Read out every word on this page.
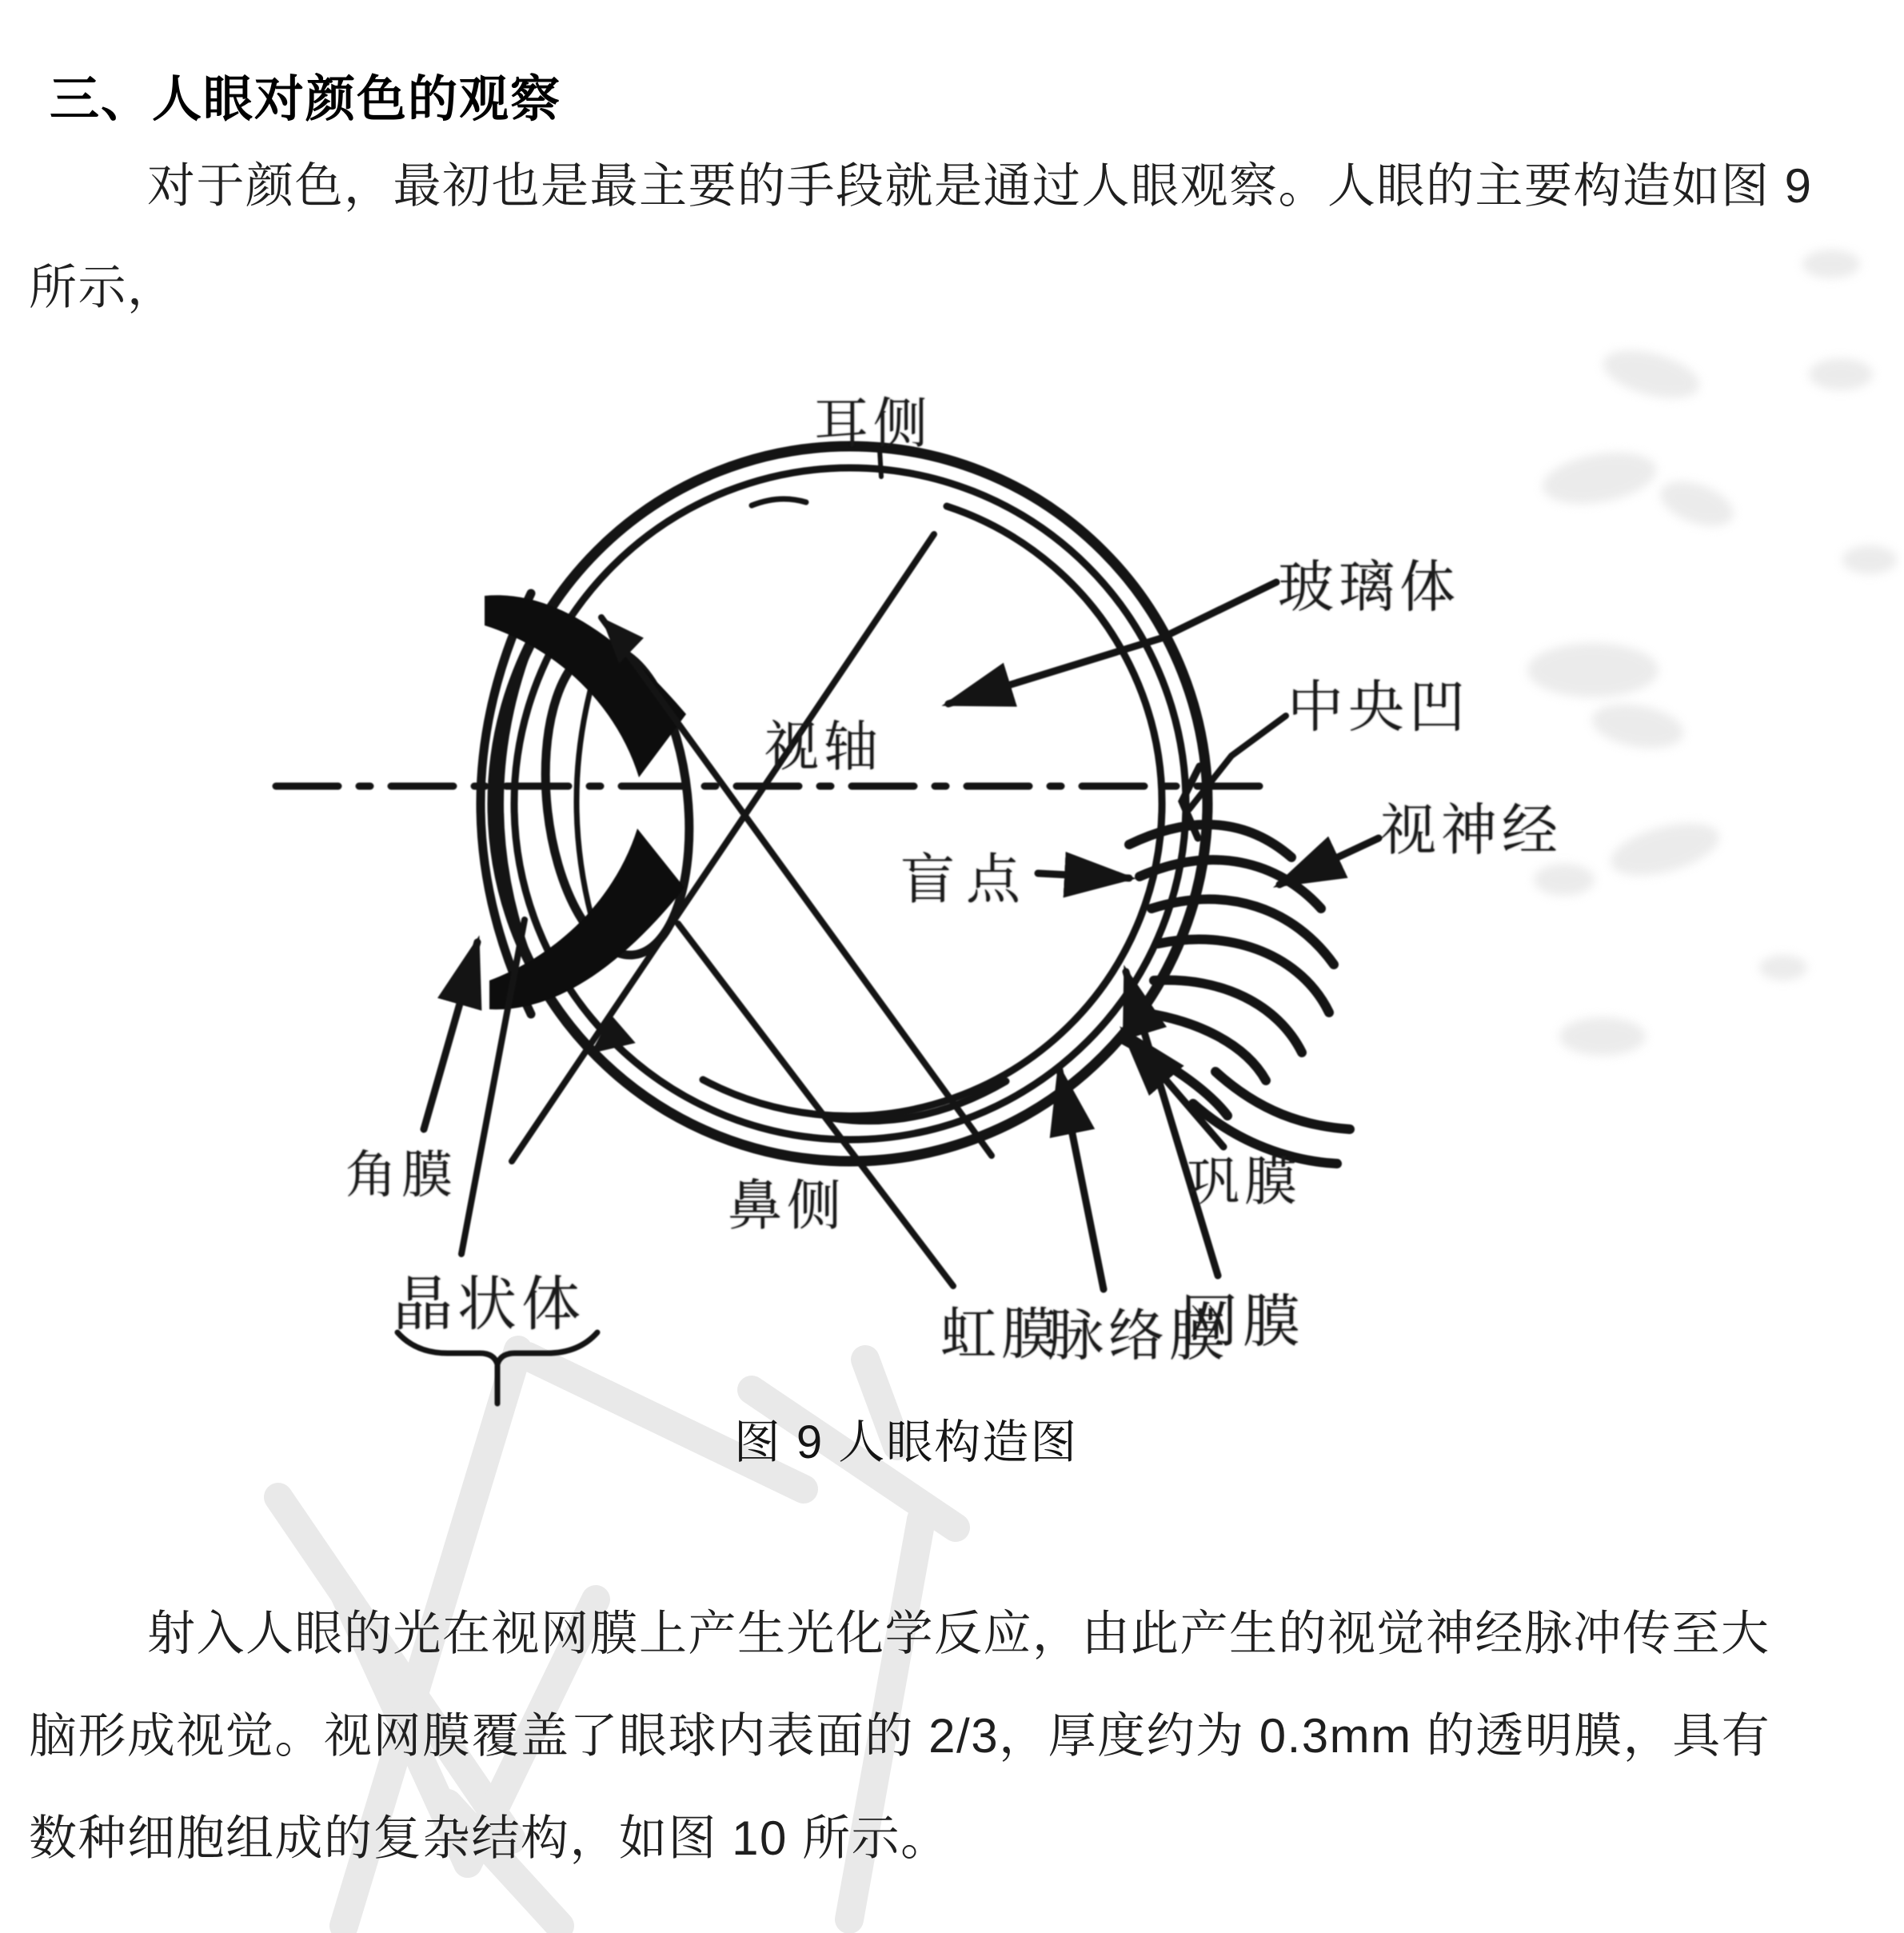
三、人眼对颜色的观察
对于颜色，最初也是最主要的手段就是通过人眼观察。人眼的主要构造如图 9
所示，
耳侧
视轴
盲点
玻璃体
中央凹
视神经
角膜
鼻侧	巩膜
晶状体	虹膜
脉络膜
网膜
图 9 人眼构造图
射入人眼的光在视网膜上产生光化学反应，由此产生的视觉神经脉冲传至大
脑形成视觉。视网膜覆盖了眼球内表面的 2/3，厚度约为 0.3mm 的透明膜，具有
数种细胞组成的复杂结构，如图 10 所示。
